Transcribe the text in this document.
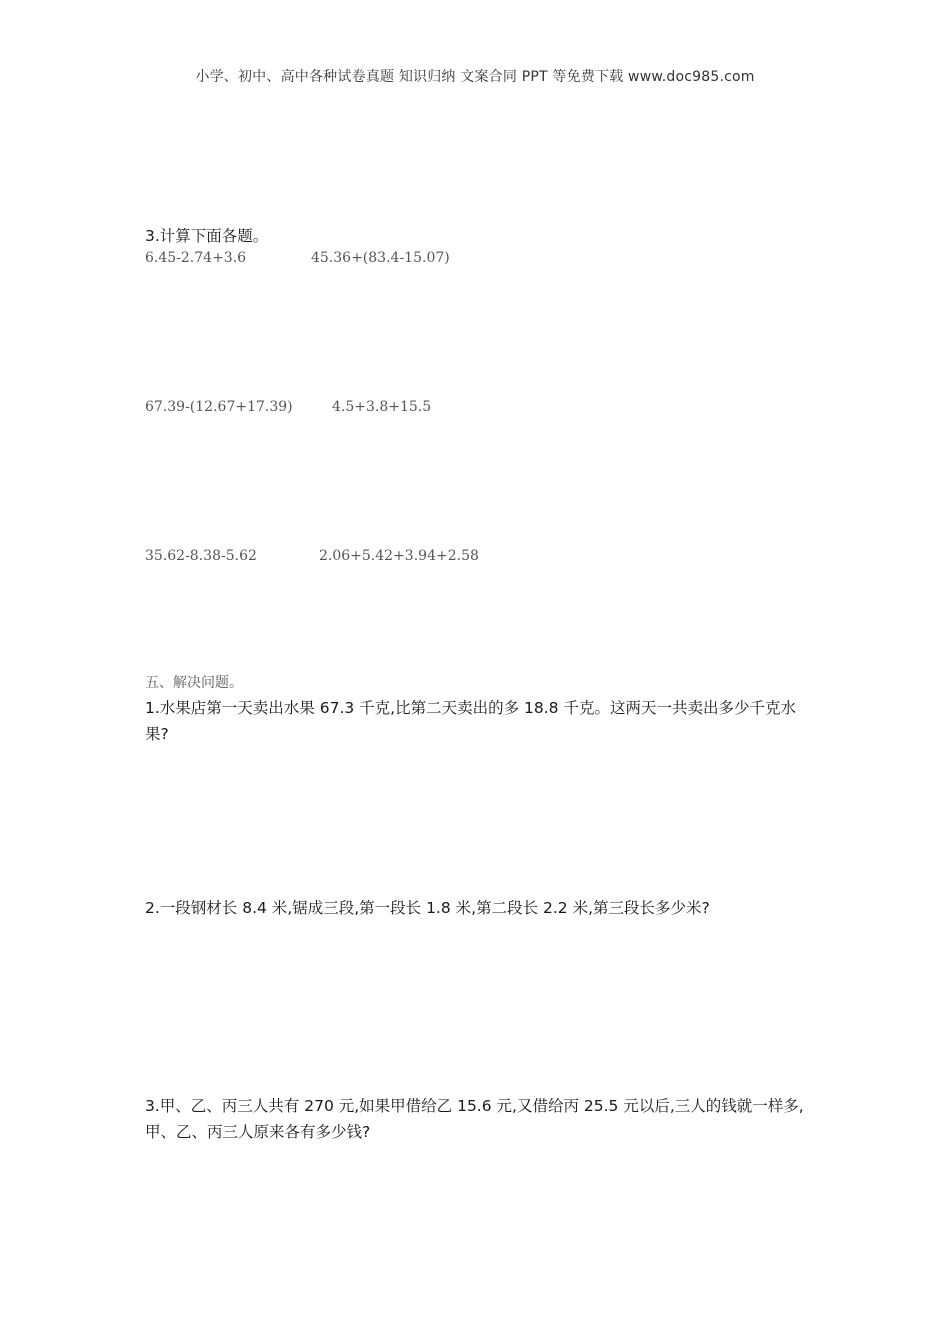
小学、初中、高中各种试卷真题 知识归纳 文案合同 PPT 等免费下载 www.doc985.com
3.计算下面各题。
6.45-2.74+3.6	45.36+(83.4-15.07)
67.39-(12.67+17.39)	4.5+3.8+15.5
35.62-8.38-5.62	2.06+5.42+3.94+2.58
五、解决问题。
1.水果店第一天卖出水果 67.3 千克,比第二天卖出的多 18.8 千克。这两天一共卖出多少千克水果?
2.一段钢材长 8.4 米,锯成三段,第一段长 1.8 米,第二段长 2.2 米,第三段长多少米?
3.甲、乙、丙三人共有 270 元,如果甲借给乙 15.6 元,又借给丙 25.5 元以后,三人的钱就一样多,甲、乙、丙三人原来各有多少钱?
